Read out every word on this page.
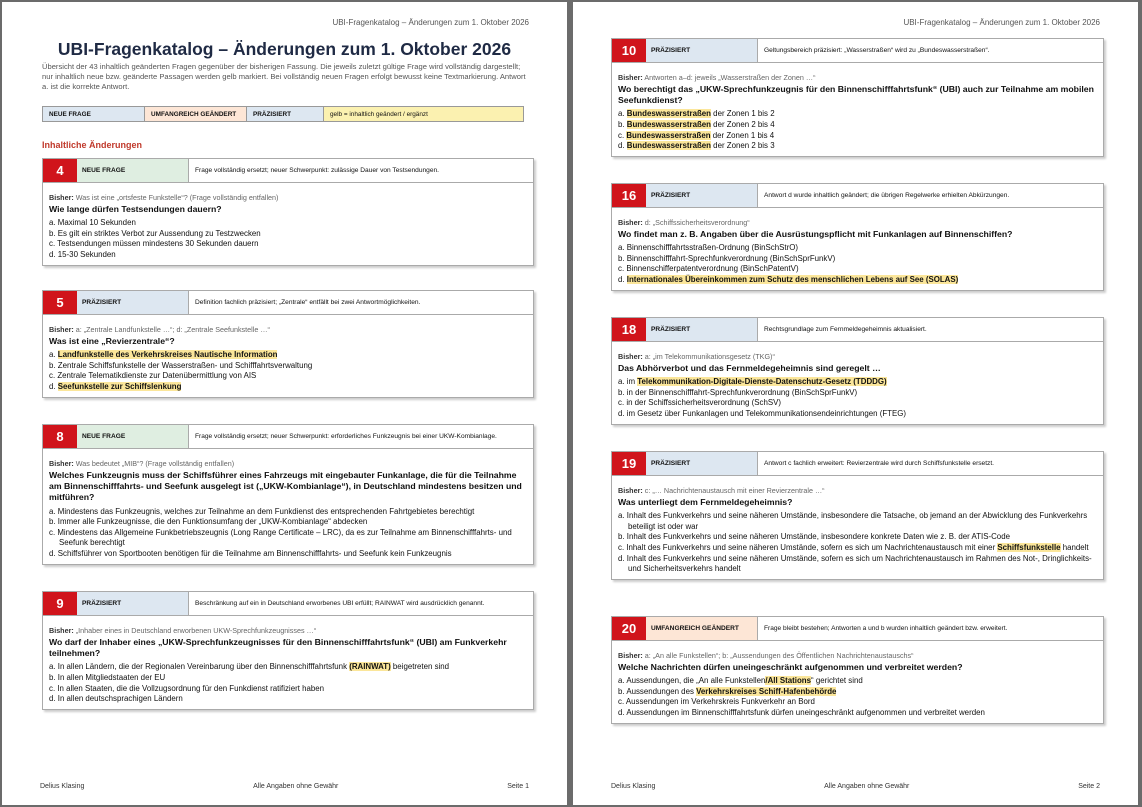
UBI-Fragenkatalog – Änderungen zum 1. Oktober 2026
UBI-Fragenkatalog – Änderungen zum 1. Oktober 2026
Übersicht der 43 inhaltlich geänderten Fragen gegenüber der bisherigen Fassung. Die jeweils zuletzt gültige Frage wird vollständig dargestellt; nur inhaltlich neue bzw. geänderte Passagen werden gelb markiert. Bei vollständig neuen Fragen erfolgt bewusst keine Textmarkierung. Antwort a. ist die korrekte Antwort.
NEUE FRAGE	UMFANGREICH GEÄNDERT	PRÄZISIERT	gelb = inhaltlich geändert / ergänzt
Inhaltliche Änderungen
4	NEUE FRAGE	Frage vollständig ersetzt; neuer Schwerpunkt: zulässige Dauer von Testsendungen.
Bisher: Was ist eine „ortsfeste Funkstelle“? (Frage vollständig entfallen)
Wie lange dürfen Testsendungen dauern?
a. Maximal 10 Sekunden
b. Es gilt ein striktes Verbot zur Aussendung zu Testzwecken
c. Testsendungen müssen mindestens 30 Sekunden dauern
d. 15-30 Sekunden
5	PRÄZISIERT	Definition fachlich präzisiert; „Zentrale“ entfällt bei zwei Antwortmöglichkeiten.
Bisher: a: „Zentrale Landfunkstelle …“; d: „Zentrale Seefunkstelle …“
Was ist eine „Revierzentrale“?
a. Landfunkstelle des Verkehrskreises Nautische Information
b. Zentrale Schiffsfunkstelle der Wasserstraßen- und Schifffahrtsverwaltung
c. Zentrale Telematikdienste zur Datenübermittlung von AIS
d. Seefunkstelle zur Schiffslenkung
8	NEUE FRAGE	Frage vollständig ersetzt; neuer Schwerpunkt: erforderliches Funkzeugnis bei einer UKW-Kombianlage.
Bisher: Was bedeutet „MIB“? (Frage vollständig entfallen)
Welches Funkzeugnis muss der Schiffsführer eines Fahrzeugs mit eingebauter Funkanlage, die für die Teilnahme am Binnenschifffahrts- und Seefunk ausgelegt ist („UKW-Kombianlage“), in Deutschland mindestens besitzen und mitführen?
a. Mindestens das Funkzeugnis, welches zur Teilnahme an dem Funkdienst des entsprechenden Fahrtgebietes berechtigt
b. Immer alle Funkzeugnisse, die den Funktionsumfang der „UKW-Kombianlage“ abdecken
c. Mindestens das Allgemeine Funkbetriebszeugnis (Long Range Certificate – LRC), da es zur Teilnahme am Binnenschifffahrts- und Seefunk berechtigt
d. Schiffsführer von Sportbooten benötigen für die Teilnahme am Binnenschifffahrts- und Seefunk kein Funkzeugnis
9	PRÄZISIERT	Beschränkung auf ein in Deutschland erworbenes UBI erfüllt; RAINWAT wird ausdrücklich genannt.
Bisher: „Inhaber eines in Deutschland erworbenen UKW-Sprechfunkzeugnisses …“
Wo darf der Inhaber eines „UKW-Sprechfunkzeugnisses für den Binnenschifffahrtsfunk“ (UBI) am Funkverkehr teilnehmen?
a. In allen Ländern, die der Regionalen Vereinbarung über den Binnenschifffahrtsfunk (RAINWAT) beigetreten sind
b. In allen Mitgliedstaaten der EU
c. In allen Staaten, die die Vollzugsordnung für den Funkdienst ratifiziert haben
d. In allen deutschsprachigen Ländern
Delius Klasing	Alle Angaben ohne Gewähr	Seite 1
UBI-Fragenkatalog – Änderungen zum 1. Oktober 2026
10	PRÄZISIERT	Geltungsbereich präzisiert: „Wasserstraßen“ wird zu „Bundeswasserstraßen“.
Bisher: Antworten a–d: jeweils „Wasserstraßen der Zonen …“
Wo berechtigt das „UKW-Sprechfunkzeugnis für den Binnenschifffahrtsfunk“ (UBI) auch zur Teilnahme am mobilen Seefunkdienst?
a. Bundeswasserstraßen der Zonen 1 bis 2
b. Bundeswasserstraßen der Zonen 2 bis 4
c. Bundeswasserstraßen der Zonen 1 bis 4
d. Bundeswasserstraßen der Zonen 2 bis 3
16	PRÄZISIERT	Antwort d wurde inhaltlich geändert; die übrigen Regelwerke erhielten Abkürzungen.
Bisher: d: „Schiffssicherheitsverordnung“
Wo findet man z. B. Angaben über die Ausrüstungspflicht mit Funkanlagen auf Binnenschiffen?
a. Binnenschifffahrtsstraßen-Ordnung (BinSchStrO)
b. Binnenschifffahrt-Sprechfunkverordnung (BinSchSprFunkV)
c. Binnenschifferpatentverordnung (BinSchPatentV)
d. Internationales Übereinkommen zum Schutz des menschlichen Lebens auf See (SOLAS)
18	PRÄZISIERT	Rechtsgrundlage zum Fernmeldegeheimnis aktualisiert.
Bisher: a: „im Telekommunikationsgesetz (TKG)“
Das Abhörverbot und das Fernmeldegeheimnis sind geregelt …
a. im Telekommunikation-Digitale-Dienste-Datenschutz-Gesetz (TDDDG)
b. in der Binnenschifffahrt-Sprechfunkverordnung (BinSchSprFunkV)
c. in der Schiffssicherheitsverordnung (SchSV)
d. im Gesetz über Funkanlagen und Telekommunikationsendeinrichtungen (FTEG)
19	PRÄZISIERT	Antwort c fachlich erweitert: Revierzentrale wird durch Schiffsfunkstelle ersetzt.
Bisher: c: „… Nachrichtenaustausch mit einer Revierzentrale …“
Was unterliegt dem Fernmeldegeheimnis?
a. Inhalt des Funkverkehrs und seine näheren Umstände, insbesondere die Tatsache, ob jemand an der Abwicklung des Funkverkehrs beteiligt ist oder war
b. Inhalt des Funkverkehrs und seine näheren Umstände, insbesondere konkrete Daten wie z. B. der ATIS-Code
c. Inhalt des Funkverkehrs und seine näheren Umstände, sofern es sich um Nachrichtenaustausch mit einer Schiffsfunkstelle handelt
d. Inhalt des Funkverkehrs und seine näheren Umstände, sofern es sich um Nachrichtenaustausch im Rahmen des Not-, Dringlichkeits- und Sicherheitsverkehrs handelt
20	UMFANGREICH GEÄNDERT	Frage bleibt bestehen; Antworten a und b wurden inhaltlich geändert bzw. erweitert.
Bisher: a: „An alle Funkstellen“; b: „Aussendungen des Öffentlichen Nachrichtenaustauschs“
Welche Nachrichten dürfen uneingeschränkt aufgenommen und verbreitet werden?
a. Aussendungen, die „An alle Funkstellen/All Stations“ gerichtet sind
b. Aussendungen des Verkehrskreises Schiff-Hafenbehörde
c. Aussendungen im Verkehrskreis Funkverkehr an Bord
d. Aussendungen im Binnenschifffahrtsfunk dürfen uneingeschränkt aufgenommen und verbreitet werden
Delius Klasing	Alle Angaben ohne Gewähr	Seite 2
